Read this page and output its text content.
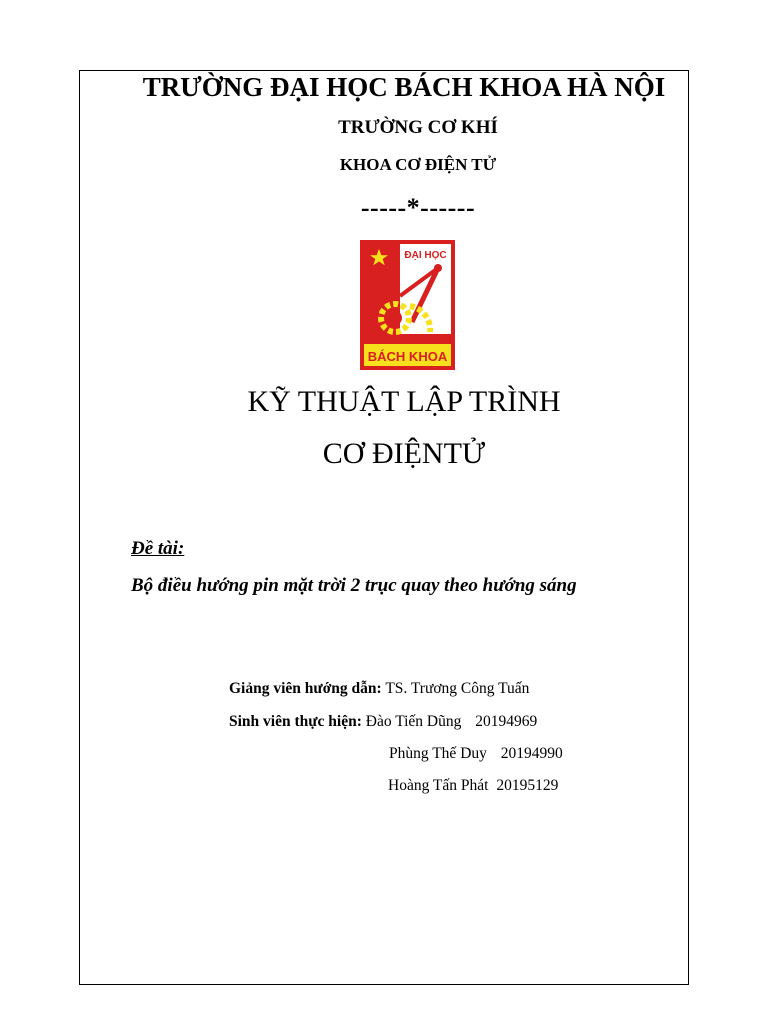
TRƯỜNG ĐẠI HỌC BÁCH KHOA HÀ NỘI
TRƯỜNG CƠ KHÍ
KHOA CƠ ĐIỆN TỬ
-----*------
ĐẠI HỌC
BÁCH KHOA
KỸ THUẬT LẬP TRÌNH
CƠ ĐIỆNTỬ
Đề tài:
Bộ điều hướng pin mặt trời 2 trục quay theo hướng sáng
Giảng viên hướng dẫn: TS. Trương Công Tuấn
Sinh viên thực hiện: Đào Tiến Dũng 20194969
Phùng Thế Duy 20194990
Hoàng Tấn Phát 20195129
